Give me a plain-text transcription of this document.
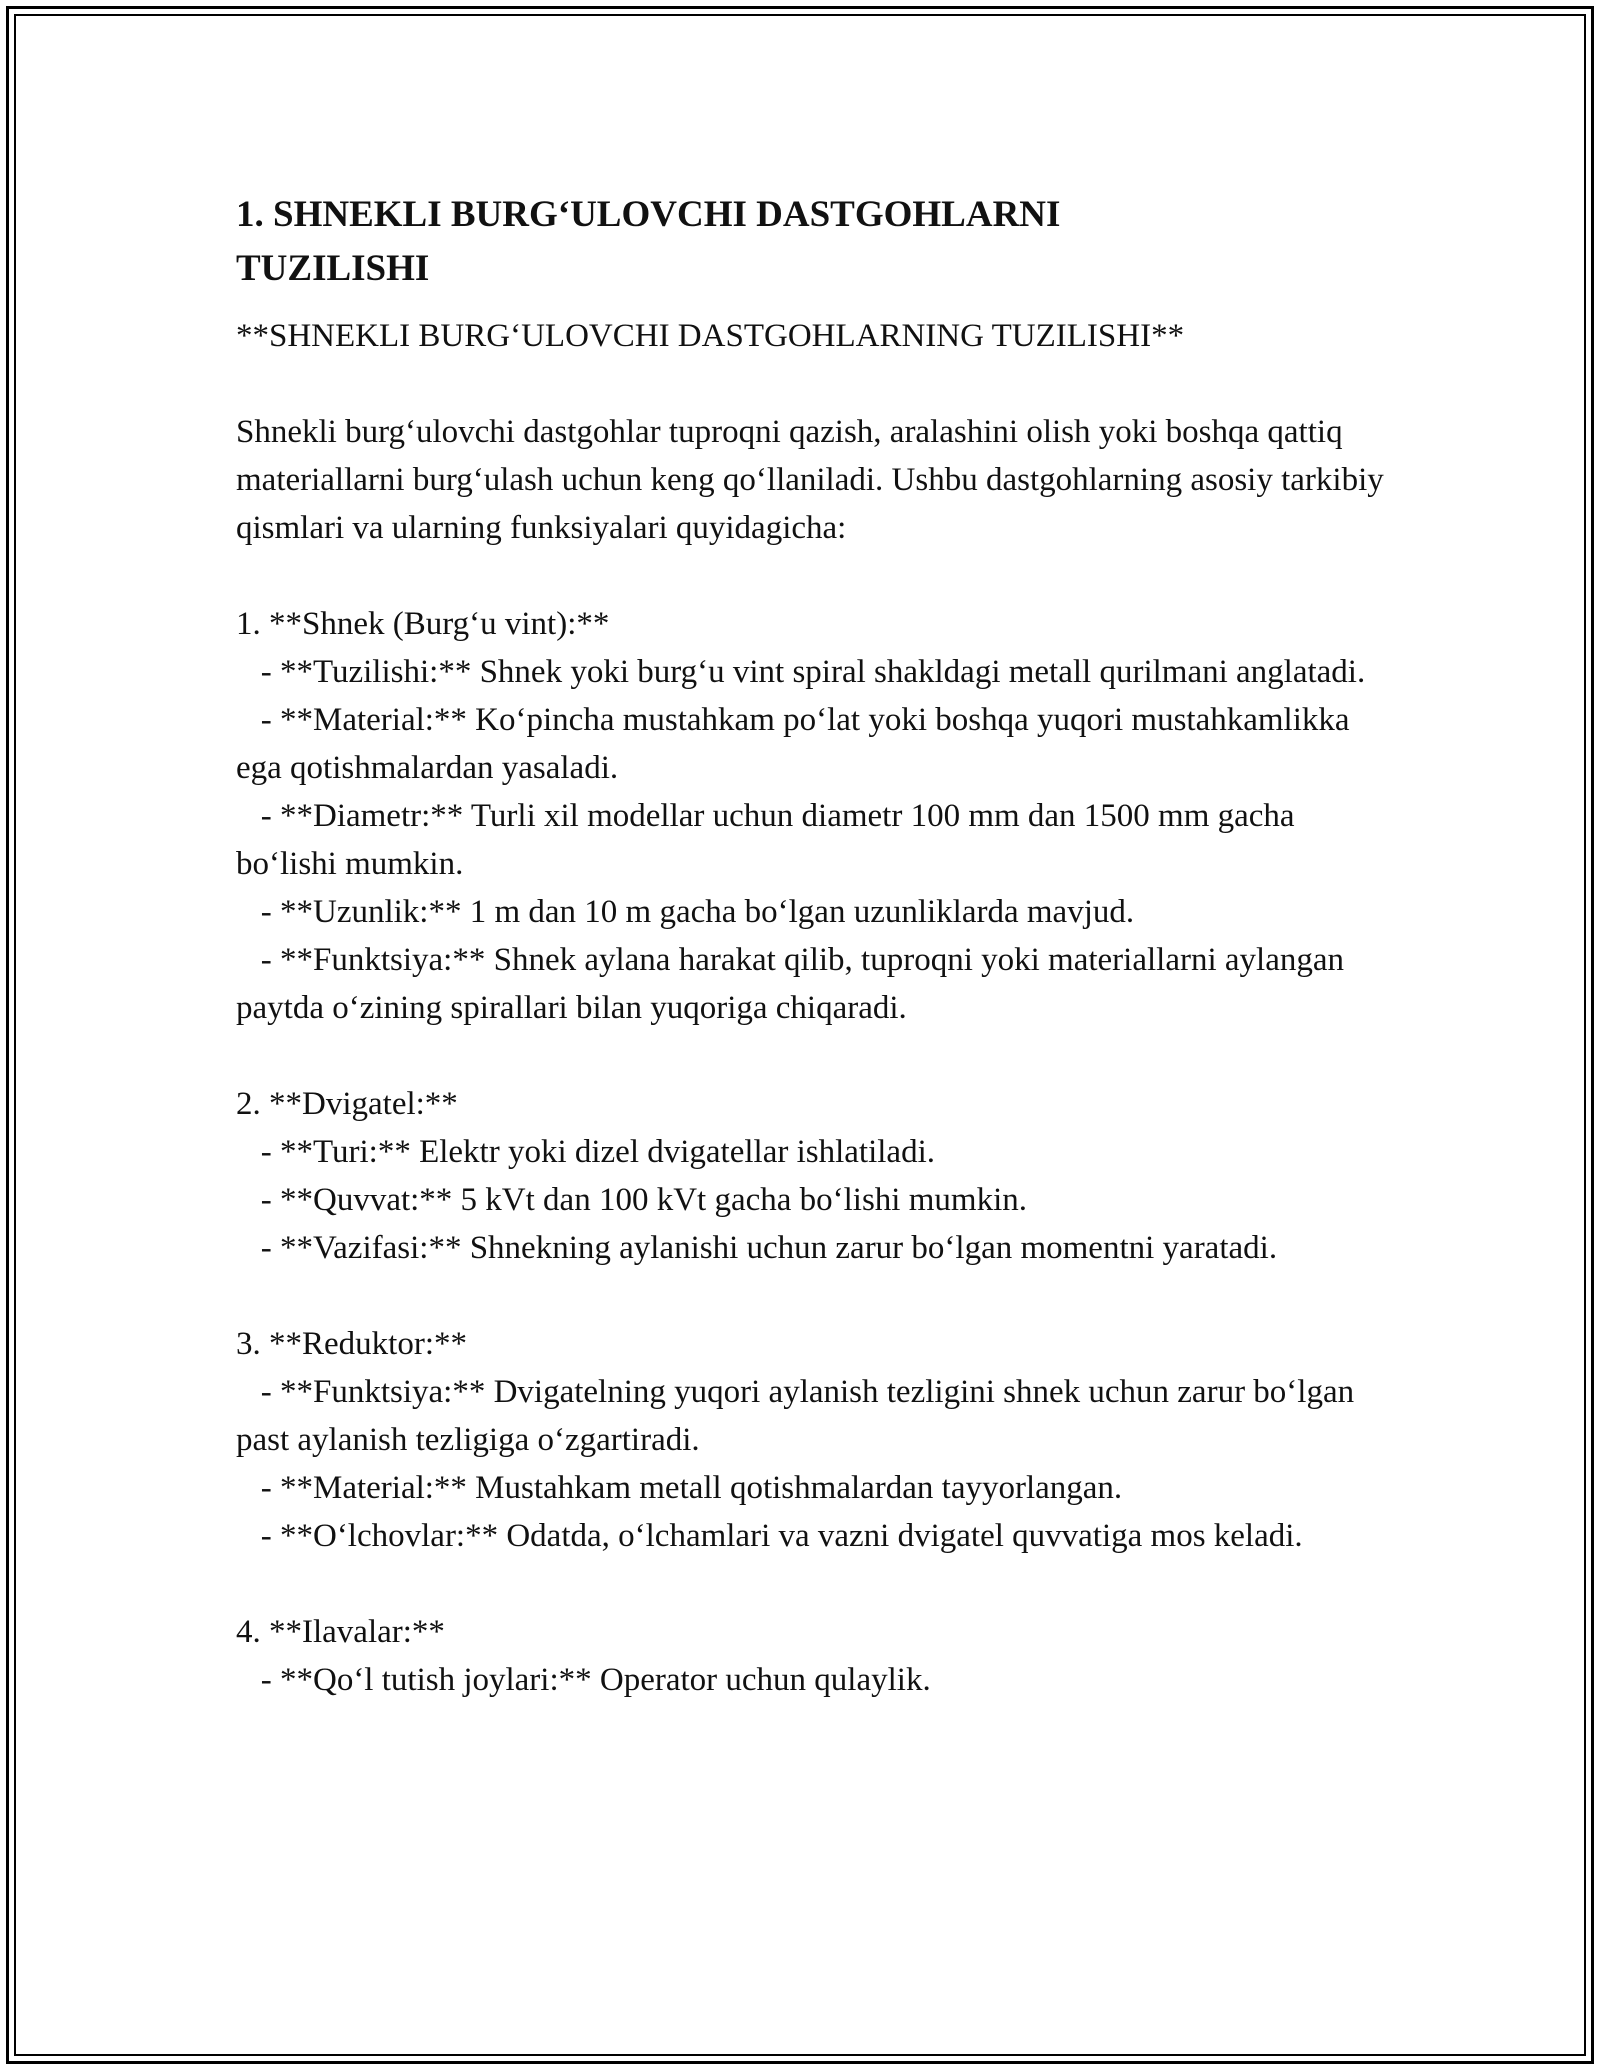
1. SHNEKLI BURG‘ULOVCHI DASTGOHLARNI
TUZILISHI
**SHNEKLI BURG‘ULOVCHI DASTGOHLARNING TUZILISHI**
Shnekli burg‘ulovchi dastgohlar tuproqni qazish, aralashini olish yoki boshqa qattiq materiallarni burg‘ulash uchun keng qo‘llaniladi. Ushbu dastgohlarning asosiy tarkibiy qismlari va ularning funksiyalari quyidagicha:

1. **Shnek (Burg‘u vint):**

- **Tuzilishi:** Shnek yoki burg‘u vint spiral shakldagi metall qurilmani anglatadi.

- **Material:** Ko‘pincha mustahkam po‘lat yoki boshqa yuqori mustahkamlikka ega qotishmalardan yasaladi.

- **Diametr:** Turli xil modellar uchun diametr 100 mm dan 1500 mm gacha bo‘lishi mumkin.

- **Uzunlik:** 1 m dan 10 m gacha bo‘lgan uzunliklarda mavjud.

- **Funktsiya:** Shnek aylana harakat qilib, tuproqni yoki materiallarni aylangan paytda o‘zining spirallari bilan yuqoriga chiqaradi.

2. **Dvigatel:**

- **Turi:** Elektr yoki dizel dvigatellar ishlatiladi.

- **Quvvat:** 5 kVt dan 100 kVt gacha bo‘lishi mumkin.

- **Vazifasi:** Shnekning aylanishi uchun zarur bo‘lgan momentni yaratadi.

3. **Reduktor:**

- **Funktsiya:** Dvigatelning yuqori aylanish tezligini shnek uchun zarur bo‘lgan past aylanish tezligiga o‘zgartiradi.

- **Material:** Mustahkam metall qotishmalardan tayyorlangan.

- **O‘lchovlar:** Odatda, o‘lchamlari va vazni dvigatel quvvatiga mos keladi.

4. **Ilavalar:**

- **Qo‘l tutish joylari:** Operator uchun qulaylik.
